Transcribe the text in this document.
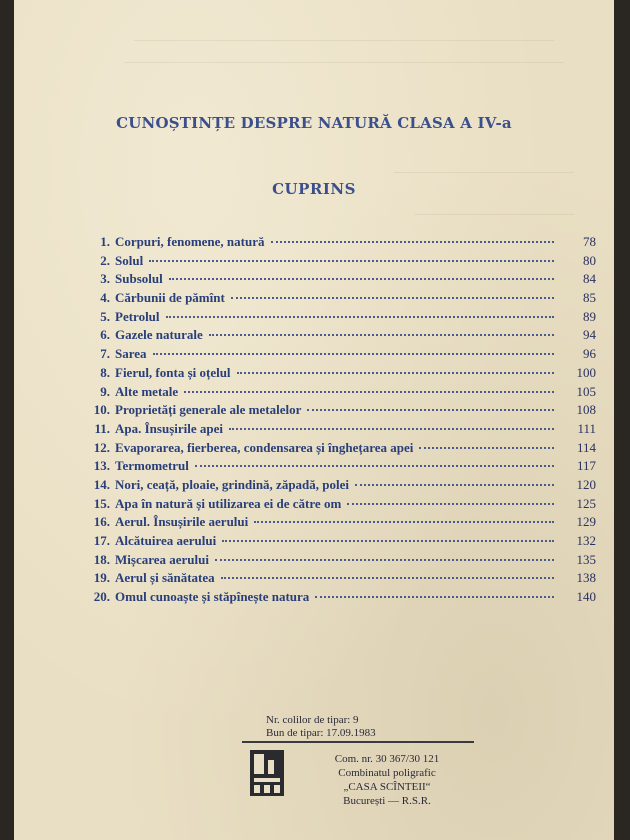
CUNOȘTINȚE DESPRE NATURĂ CLASA A IV-a
CUPRINS
1. Corpuri, fenomene, natură	78
2. Solul	80
3. Subsolul	84
4. Cărbunii de pămînt	85
5. Petrolul	89
6. Gazele naturale	94
7. Sarea	96
8. Fierul, fonta și oțelul	100
9. Alte metale	105
10. Proprietăți generale ale metalelor	108
11. Apa. Însușirile apei	111
12. Evaporarea, fierberea, condensarea și înghețarea apei	114
13. Termometrul	117
14. Nori, ceață, ploaie, grindină, zăpadă, polei	120
15. Apa în natură și utilizarea ei de către om	125
16. Aerul. Însușirile aerului	129
17. Alcătuirea aerului	132
18. Mișcarea aerului	135
19. Aerul și sănătatea	138
20. Omul cunoaște și stăpînește natura	140
Nr. colilor de tipar: 9
Bun de tipar: 17.09.1983
Com. nr. 30 367/30 121
Combinatul poligrafic
„CASA SCÎNTEII“
București — R.S.R.
